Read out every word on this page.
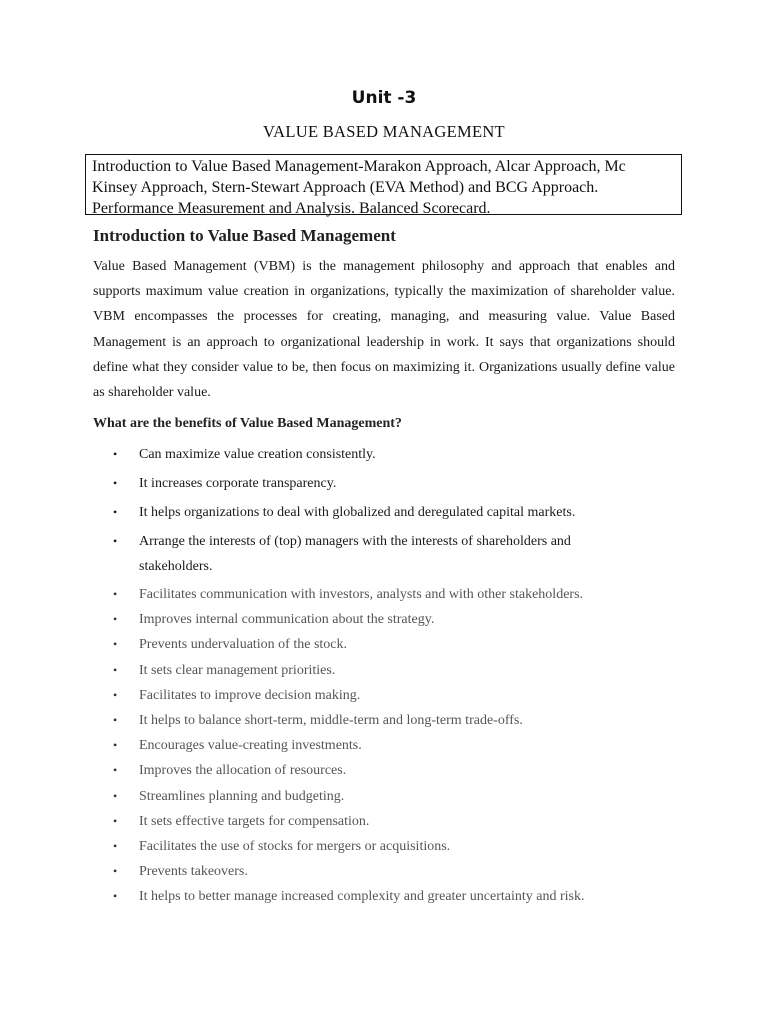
Unit -3
VALUE BASED MANAGEMENT
Introduction to Value Based Management-Marakon Approach, Alcar Approach, Mc Kinsey Approach, Stern-Stewart Approach (EVA Method) and BCG Approach. Performance Measurement and Analysis. Balanced Scorecard.
Introduction to Value Based Management

Value Based Management (VBM) is the management philosophy and approach that enables and supports maximum value creation in organizations, typically the maximization of shareholder value. VBM encompasses the processes for creating, managing, and measuring value. Value Based Management is an approach to organizational leadership in work. It says that organizations should define what they consider value to be, then focus on maximizing it. Organizations usually define value as shareholder value.

What are the benefits of Value Based Management?
• Can maximize value creation consistently.
• It increases corporate transparency.
• It helps organizations to deal with globalized and deregulated capital markets.
• Arrange the interests of (top) managers with the interests of shareholders and stakeholders.
• Facilitates communication with investors, analysts and with other stakeholders.
• Improves internal communication about the strategy.
• Prevents undervaluation of the stock.
• It sets clear management priorities.
• Facilitates to improve decision making.
• It helps to balance short-term, middle-term and long-term trade-offs.
• Encourages value-creating investments.
• Improves the allocation of resources.
• Streamlines planning and budgeting.
• It sets effective targets for compensation.
• Facilitates the use of stocks for mergers or acquisitions.
• Prevents takeovers.
• It helps to better manage increased complexity and greater uncertainty and risk.
